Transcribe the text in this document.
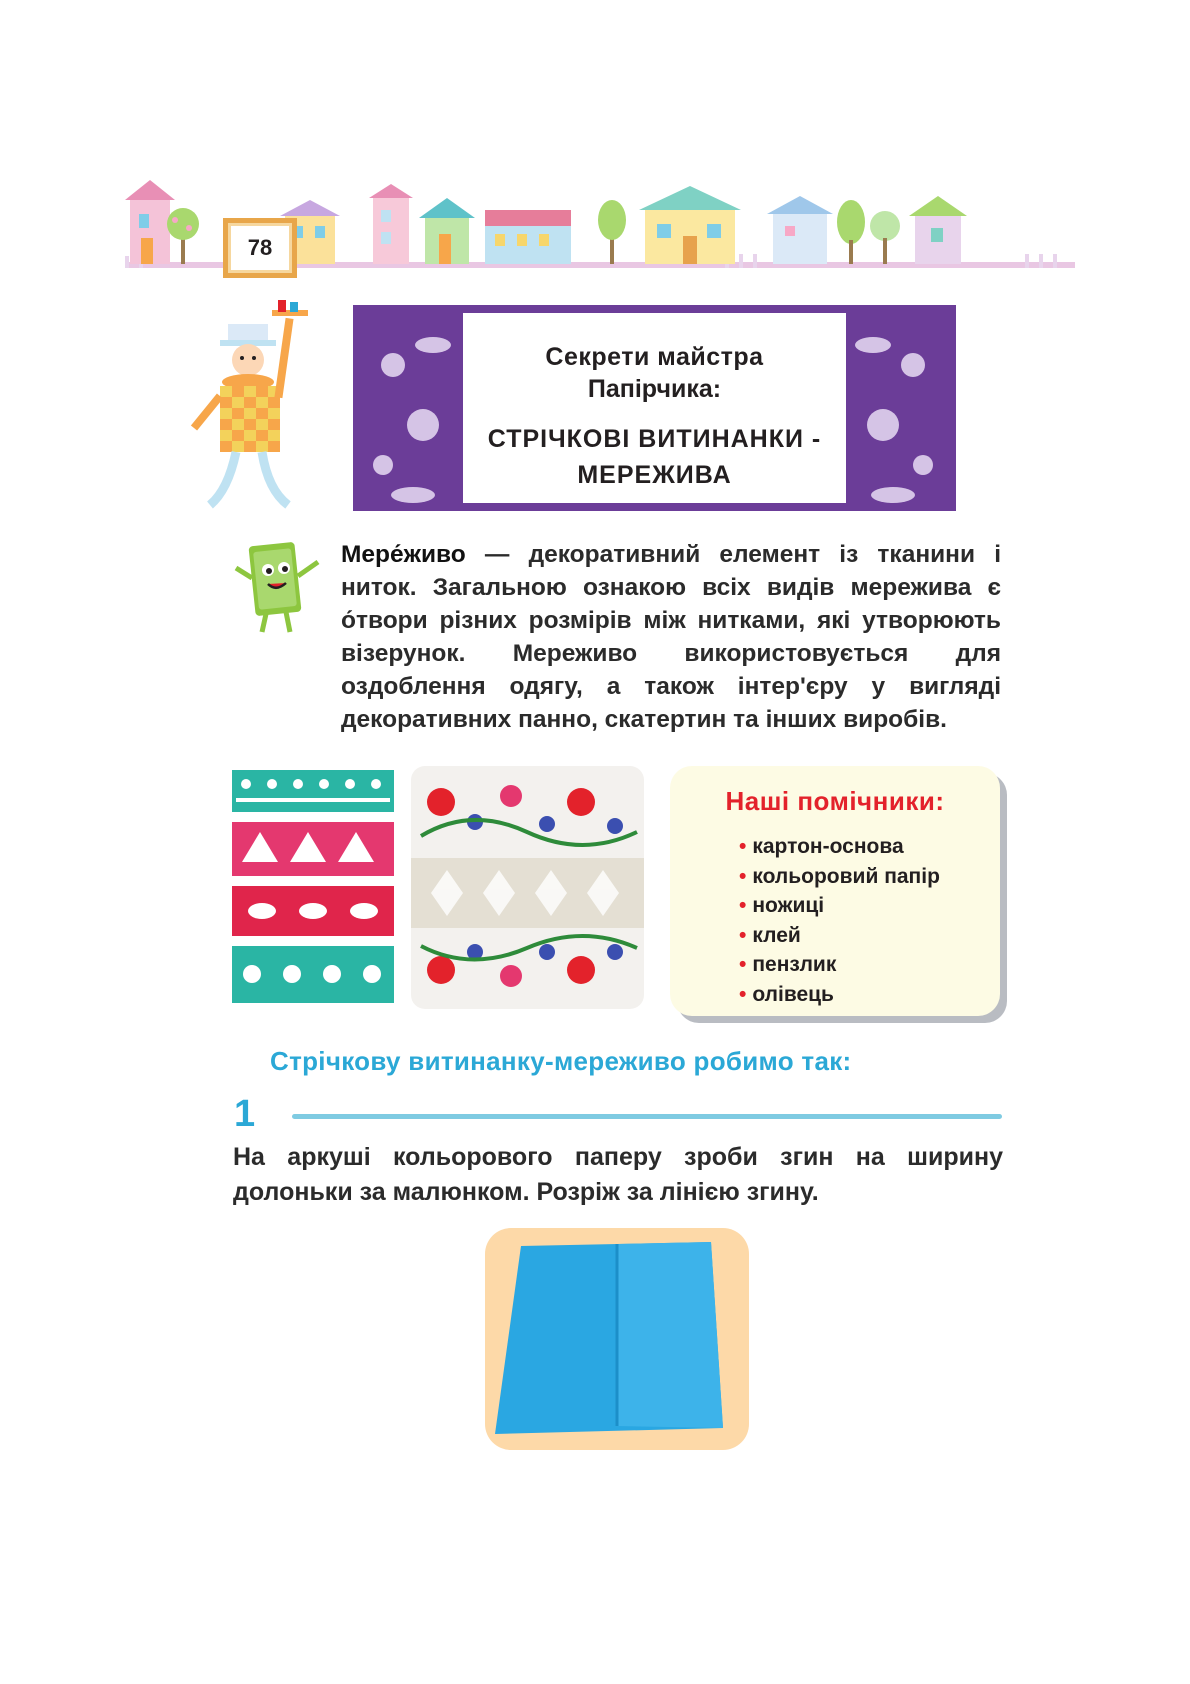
78
Секрети майстра
Папірчика:
СТРІЧКОВІ ВИТИНАНКИ -
МЕРЕЖИВА
Мере́живо — декоративний елемент із тканини і ниток. Загальною ознакою всіх видів мережива є о́твори різних розмірів між нитками, які утворюють візерунок. Мереживо використовується для оздоблення одягу, а також інтер'єру у вигляді декоративних панно, скатертин та інших виробів.
Наші помічники:
• картон-основа
• кольоровий папір
• ножиці
• клей
• пензлик
• олівець
Стрічкову витинанку-мереживо робимо так:
1
На аркуші кольорового паперу зроби згин на ширину долоньки за малюнком. Розріж за лінією згину.
